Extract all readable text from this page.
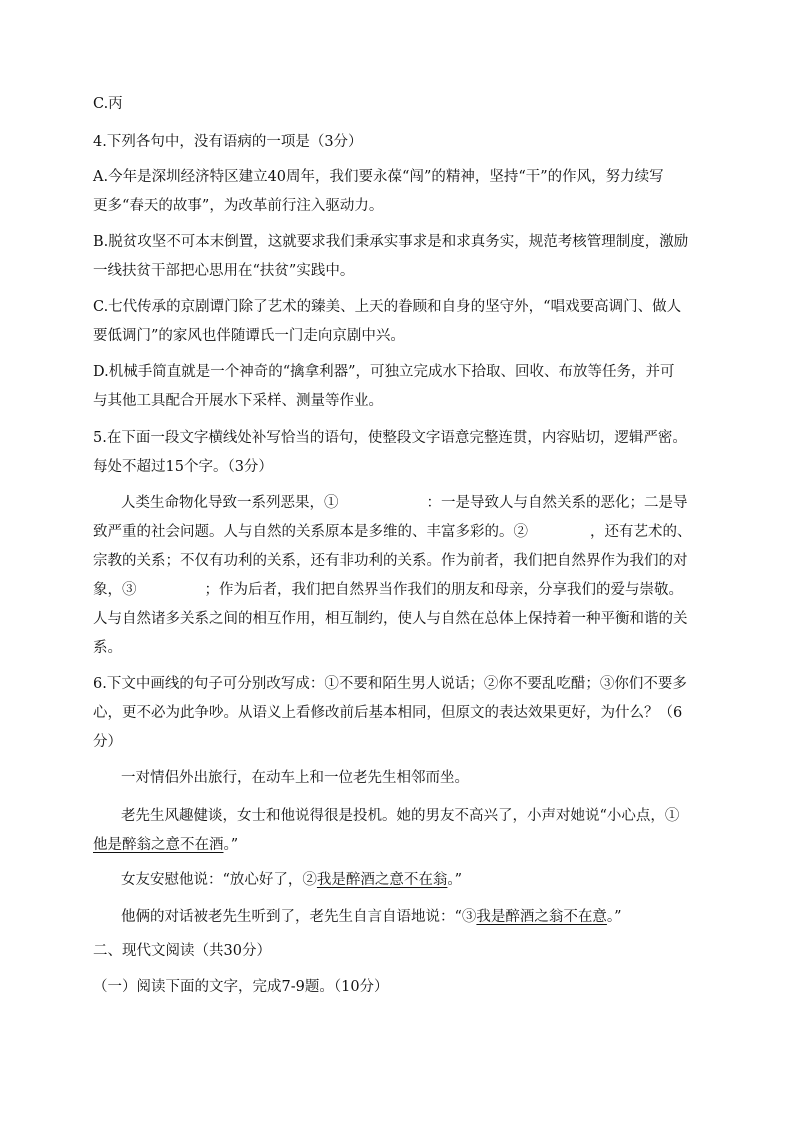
C.丙

4.下列各句中，没有语病的一项是（3分）

A.今年是深圳经济特区建立40周年，我们要永葆“闯”的精神，坚持“干”的作风，努力续写

更多“春天的故事”，为改革前行注入驱动力。

B.脱贫攻坚不可本末倒置，这就要求我们秉承实事求是和求真务实，规范考核管理制度，激励

一线扶贫干部把心思用在“扶贫”实践中。

C.七代传承的京剧谭门除了艺术的臻美、上天的眷顾和自身的坚守外，“唱戏要高调门、做人

要低调门”的家风也伴随谭氏一门走向京剧中兴。

D.机械手简直就是一个神奇的“擒拿利器”，可独立完成水下拾取、回收、布放等任务，并可

与其他工具配合开展水下采样、测量等作业。

5.在下面一段文字横线处补写恰当的语句，使整段文字语意完整连贯，内容贴切，逻辑严密。

每处不超过15个字。（3分）

人类生命物化导致一系列恶果，①	：一是导致人与自然关系的恶化；二是导

致严重的社会问题。人与自然的关系原本是多维的、丰富多彩的。②	，还有艺术的、

宗教的关系；不仅有功利的关系，还有非功利的关系。作为前者，我们把自然界作为我们的对

象，③	；作为后者，我们把自然界当作我们的朋友和母亲，分享我们的爱与崇敬。

人与自然诸多关系之间的相互作用，相互制约，使人与自然在总体上保持着一种平衡和谐的关

系。

6.下文中画线的句子可分别改写成：①不要和陌生男人说话；②你不要乱吃醋；③你们不要多

心，更不必为此争吵。从语义上看修改前后基本相同，但原文的表达效果更好，为什么？（6

分）

一对情侣外出旅行，在动车上和一位老先生相邻而坐。

老先生风趣健谈，女士和他说得很是投机。她的男友不高兴了，小声对她说“小心点，①

他是醉翁之意不在酒。”

女友安慰他说：“放心好了，②我是醉酒之意不在翁。”

他俩的对话被老先生听到了，老先生自言自语地说：“③我是醉酒之翁不在意。”

二、现代文阅读（共30分）

（一）阅读下面的文字，完成7-9题。（10分）
